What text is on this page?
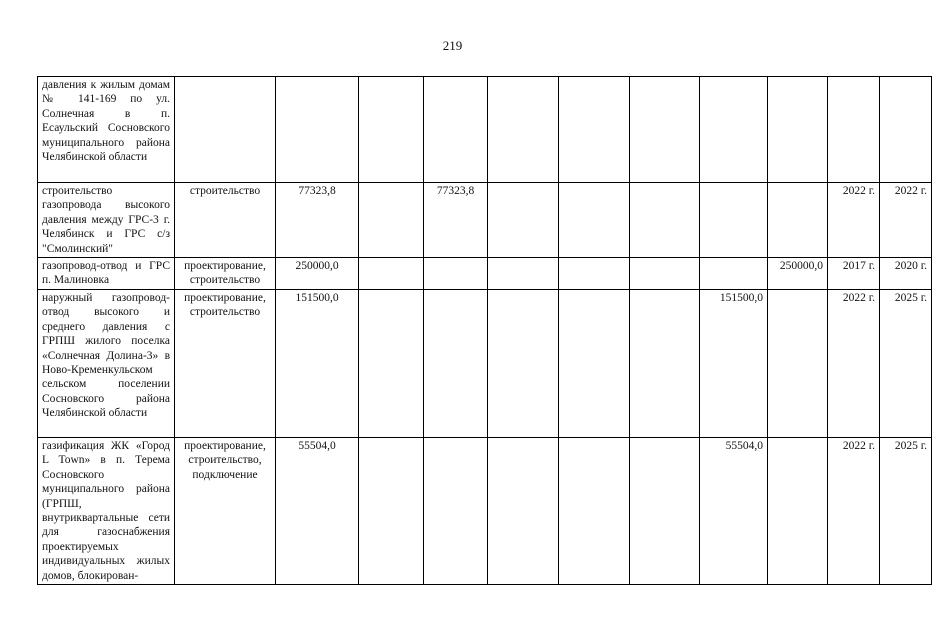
219
давления к жилым домам № 141-169 по ул. Солнечная в п. Есаульский Сосновского муниципального района Челябинской области											
строительство газопровода высокого давления между ГРС-3 г. Челябинск и ГРС с/з "Смолинский"	строительство	77323,8		77323,8						2022 г.	2022 г.
газопровод-отвод и ГРС п. Малиновка	проектирование, строительство	250000,0							250000,0	2017 г.	2020 г.
наружный газопровод-отвод высокого и среднего давления с ГРПШ жилого поселка «Солнечная Долина-3» в Ново-Кременкульском сельском поселении Сосновского района Челябинской области	проектирование, строительство	151500,0						151500,0		2022 г.	2025 г.
газификация ЖК «Город L Town» в п. Терема Сосновского муниципального района (ГРПШ, внутриквартальные сети для газоснабжения проектируемых индивидуальных жилых домов, блокирован-	проектирование, строительство, подключение	55504,0						55504,0		2022 г.	2025 г.
